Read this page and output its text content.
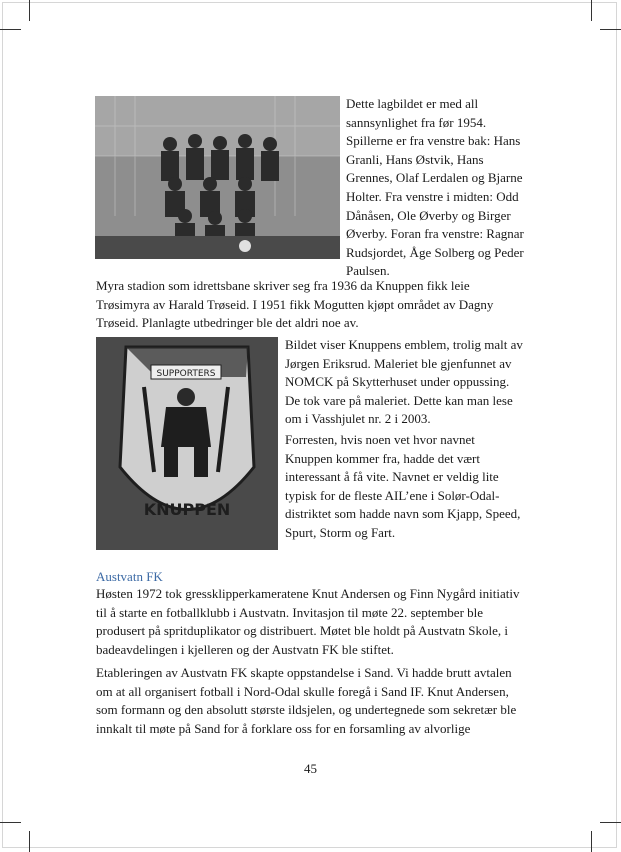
Dette lagbildet er med all sannsynlighet fra før 1954. Spillerne er fra venstre bak: Hans Granli, Hans Østvik, Hans Grennes, Olaf Lerdalen og Bjarne Holter. Fra venstre i midten: Odd Dånåsen, Ole Øverby og Birger Øverby. Foran fra venstre: Ragnar Rudsjordet, Åge Solberg og Peder Paulsen.

Myra stadion som idrettsbane skriver seg fra 1936 da Knuppen fikk leie Trøsimyra av Harald Trøseid. I 1951 fikk Mogutten kjøpt området av Dagny Trøseid. Planlagte utbedringer ble det aldri noe av.

SUPPORTERS
KNUPPEN

Bildet viser Knuppens emblem, trolig malt av Jørgen Eriksrud. Maleriet ble gjenfunnet av NOMCK på Skytterhuset under oppussing. De tok vare på maleriet. Dette kan man lese om i Vasshjulet nr. 2 i 2003.

Forresten, hvis noen vet hvor navnet Knuppen kommer fra, hadde det vært interessant å få vite. Navnet er veldig lite typisk for de fleste AIL’ene i Solør-Odal-distriktet som hadde navn som Kjapp, Speed, Spurt, Storm og Fart.

Austvatn FK

Høsten 1972 tok gressklipperkameratene Knut Andersen og Finn Nygård initiativ til å starte en fotballklubb i Austvatn. Invitasjon til møte 22. september ble produsert på spritduplikator og distribuert. Møtet ble holdt på Austvatn Skole, i badeavdelingen i kjelleren og der Austvatn FK ble stiftet.

Etableringen av Austvatn FK skapte oppstandelse i Sand. Vi hadde brutt avtalen om at all organisert fotball i Nord-Odal skulle foregå i Sand IF. Knut Andersen, som formann og den absolutt største ildsjelen, og undertegnede som sekretær ble innkalt til møte på Sand for å forklare oss for en forsamling av alvorlige

45
